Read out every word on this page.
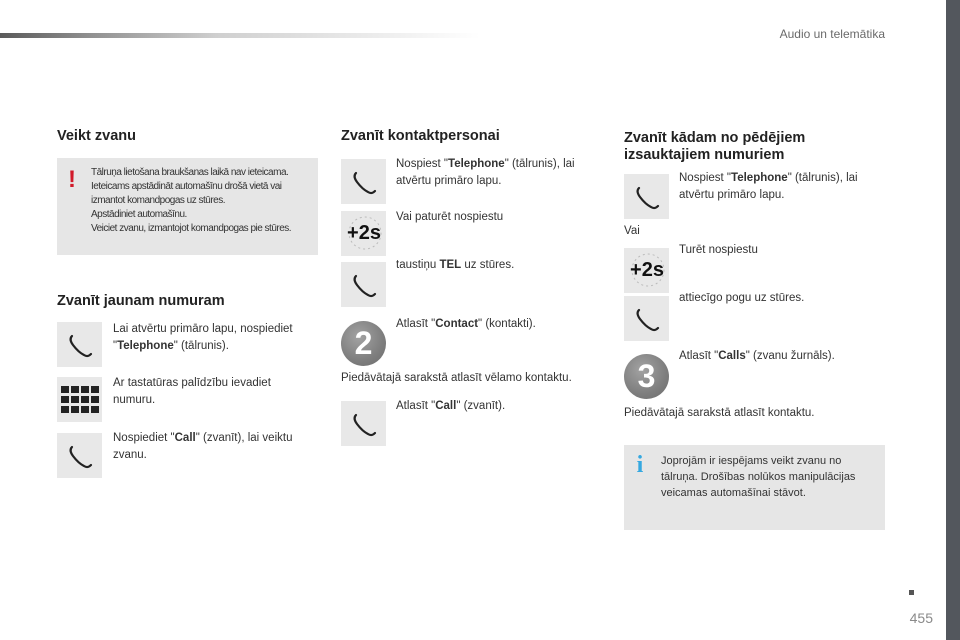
Audio un telemātika
Veikt zvanu
!	Tālruņa lietošana braukšanas laikā nav ieteicama.
Ieteicams apstādināt automašīnu drošā vietā vai
izmantot komandpogas uz stūres.
Apstādiniet automašīnu.
Veiciet zvanu, izmantojot komandpogas pie stūres.
Zvanīt jaunam numuram
Lai atvērtu primāro lapu, nospiediet "Telephone" (tālrunis).
Ar tastatūras palīdzību ievadiet numuru.
Nospiediet "Call" (zvanīt), lai veiktu zvanu.
Zvanīt kontaktpersonai
Nospiest "Telephone" (tālrunis), lai atvērtu primāro lapu.
+2s
Vai paturēt nospiestu
taustiņu TEL uz stūres.
2
Atlasīt "Contact" (kontakti).
Piedāvātajā sarakstā atlasīt vēlamo kontaktu.
Atlasīt "Call" (zvanīt).
Zvanīt kādam no pēdējiem
izsauktajiem numuriem
Nospiest "Telephone" (tālrunis), lai atvērtu primāro lapu.
Vai
+2s
Turēt nospiestu
attiecīgo pogu uz stūres.
3
Atlasīt "Calls" (zvanu žurnāls).
Piedāvātajā sarakstā atlasīt kontaktu.
i Joprojām ir iespējams veikt zvanu no tālruņa. Drošības nolūkos manipulācijas veicamas automašīnai stāvot.
455
